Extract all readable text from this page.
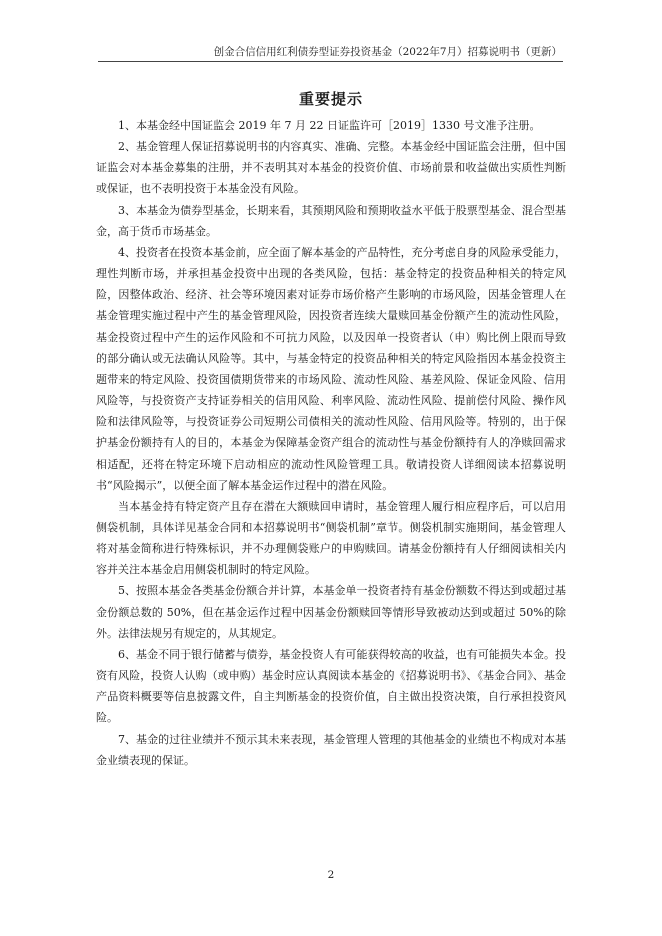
创金合信信用红利债券型证券投资基金（2022年7月）招募说明书（更新）
重要提示

1、本基金经中国证监会 2019 年 7 月 22 日证监许可［2019］1330 号文准予注册。

2、基金管理人保证招募说明书的内容真实、准确、完整。本基金经中国证监会注册，但中国证监会对本基金募集的注册，并不表明其对本基金的投资价值、市场前景和收益做出实质性判断或保证，也不表明投资于本基金没有风险。

3、本基金为债券型基金，长期来看，其预期风险和预期收益水平低于股票型基金、混合型基金，高于货币市场基金。

4、投资者在投资本基金前，应全面了解本基金的产品特性，充分考虑自身的风险承受能力，理性判断市场，并承担基金投资中出现的各类风险，包括：基金特定的投资品种相关的特定风险，因整体政治、经济、社会等环境因素对证券市场价格产生影响的市场风险，因基金管理人在基金管理实施过程中产生的基金管理风险，因投资者连续大量赎回基金份额产生的流动性风险，基金投资过程中产生的运作风险和不可抗力风险，以及因单一投资者认（申）购比例上限而导致的部分确认或无法确认风险等。其中，与基金特定的投资品种相关的特定风险指因本基金投资主题带来的特定风险、投资国债期货带来的市场风险、流动性风险、基差风险、保证金风险、信用风险等，与投资资产支持证券相关的信用风险、利率风险、流动性风险、提前偿付风险、操作风险和法律风险等，与投资证券公司短期公司债相关的流动性风险、信用风险等。特别的，出于保护基金份额持有人的目的，本基金为保障基金资产组合的流动性与基金份额持有人的净赎回需求相适配，还将在特定环境下启动相应的流动性风险管理工具。敬请投资人详细阅读本招募说明书“风险揭示”，以便全面了解本基金运作过程中的潜在风险。

当本基金持有特定资产且存在潜在大额赎回申请时，基金管理人履行相应程序后，可以启用侧袋机制，具体详见基金合同和本招募说明书“侧袋机制”章节。侧袋机制实施期间，基金管理人将对基金简称进行特殊标识，并不办理侧袋账户的申购赎回。请基金份额持有人仔细阅读相关内容并关注本基金启用侧袋机制时的特定风险。

5、按照本基金各类基金份额合并计算，本基金单一投资者持有基金份额数不得达到或超过基金份额总数的 50%，但在基金运作过程中因基金份额赎回等情形导致被动达到或超过 50%的除外。法律法规另有规定的，从其规定。

6、基金不同于银行储蓄与债券，基金投资人有可能获得较高的收益，也有可能损失本金。投资有风险，投资人认购（或申购）基金时应认真阅读本基金的《招募说明书》、《基金合同》、基金产品资料概要等信息披露文件，自主判断基金的投资价值，自主做出投资决策，自行承担投资风险。

7、基金的过往业绩并不预示其未来表现，基金管理人管理的其他基金的业绩也不构成对本基金业绩表现的保证。

2
